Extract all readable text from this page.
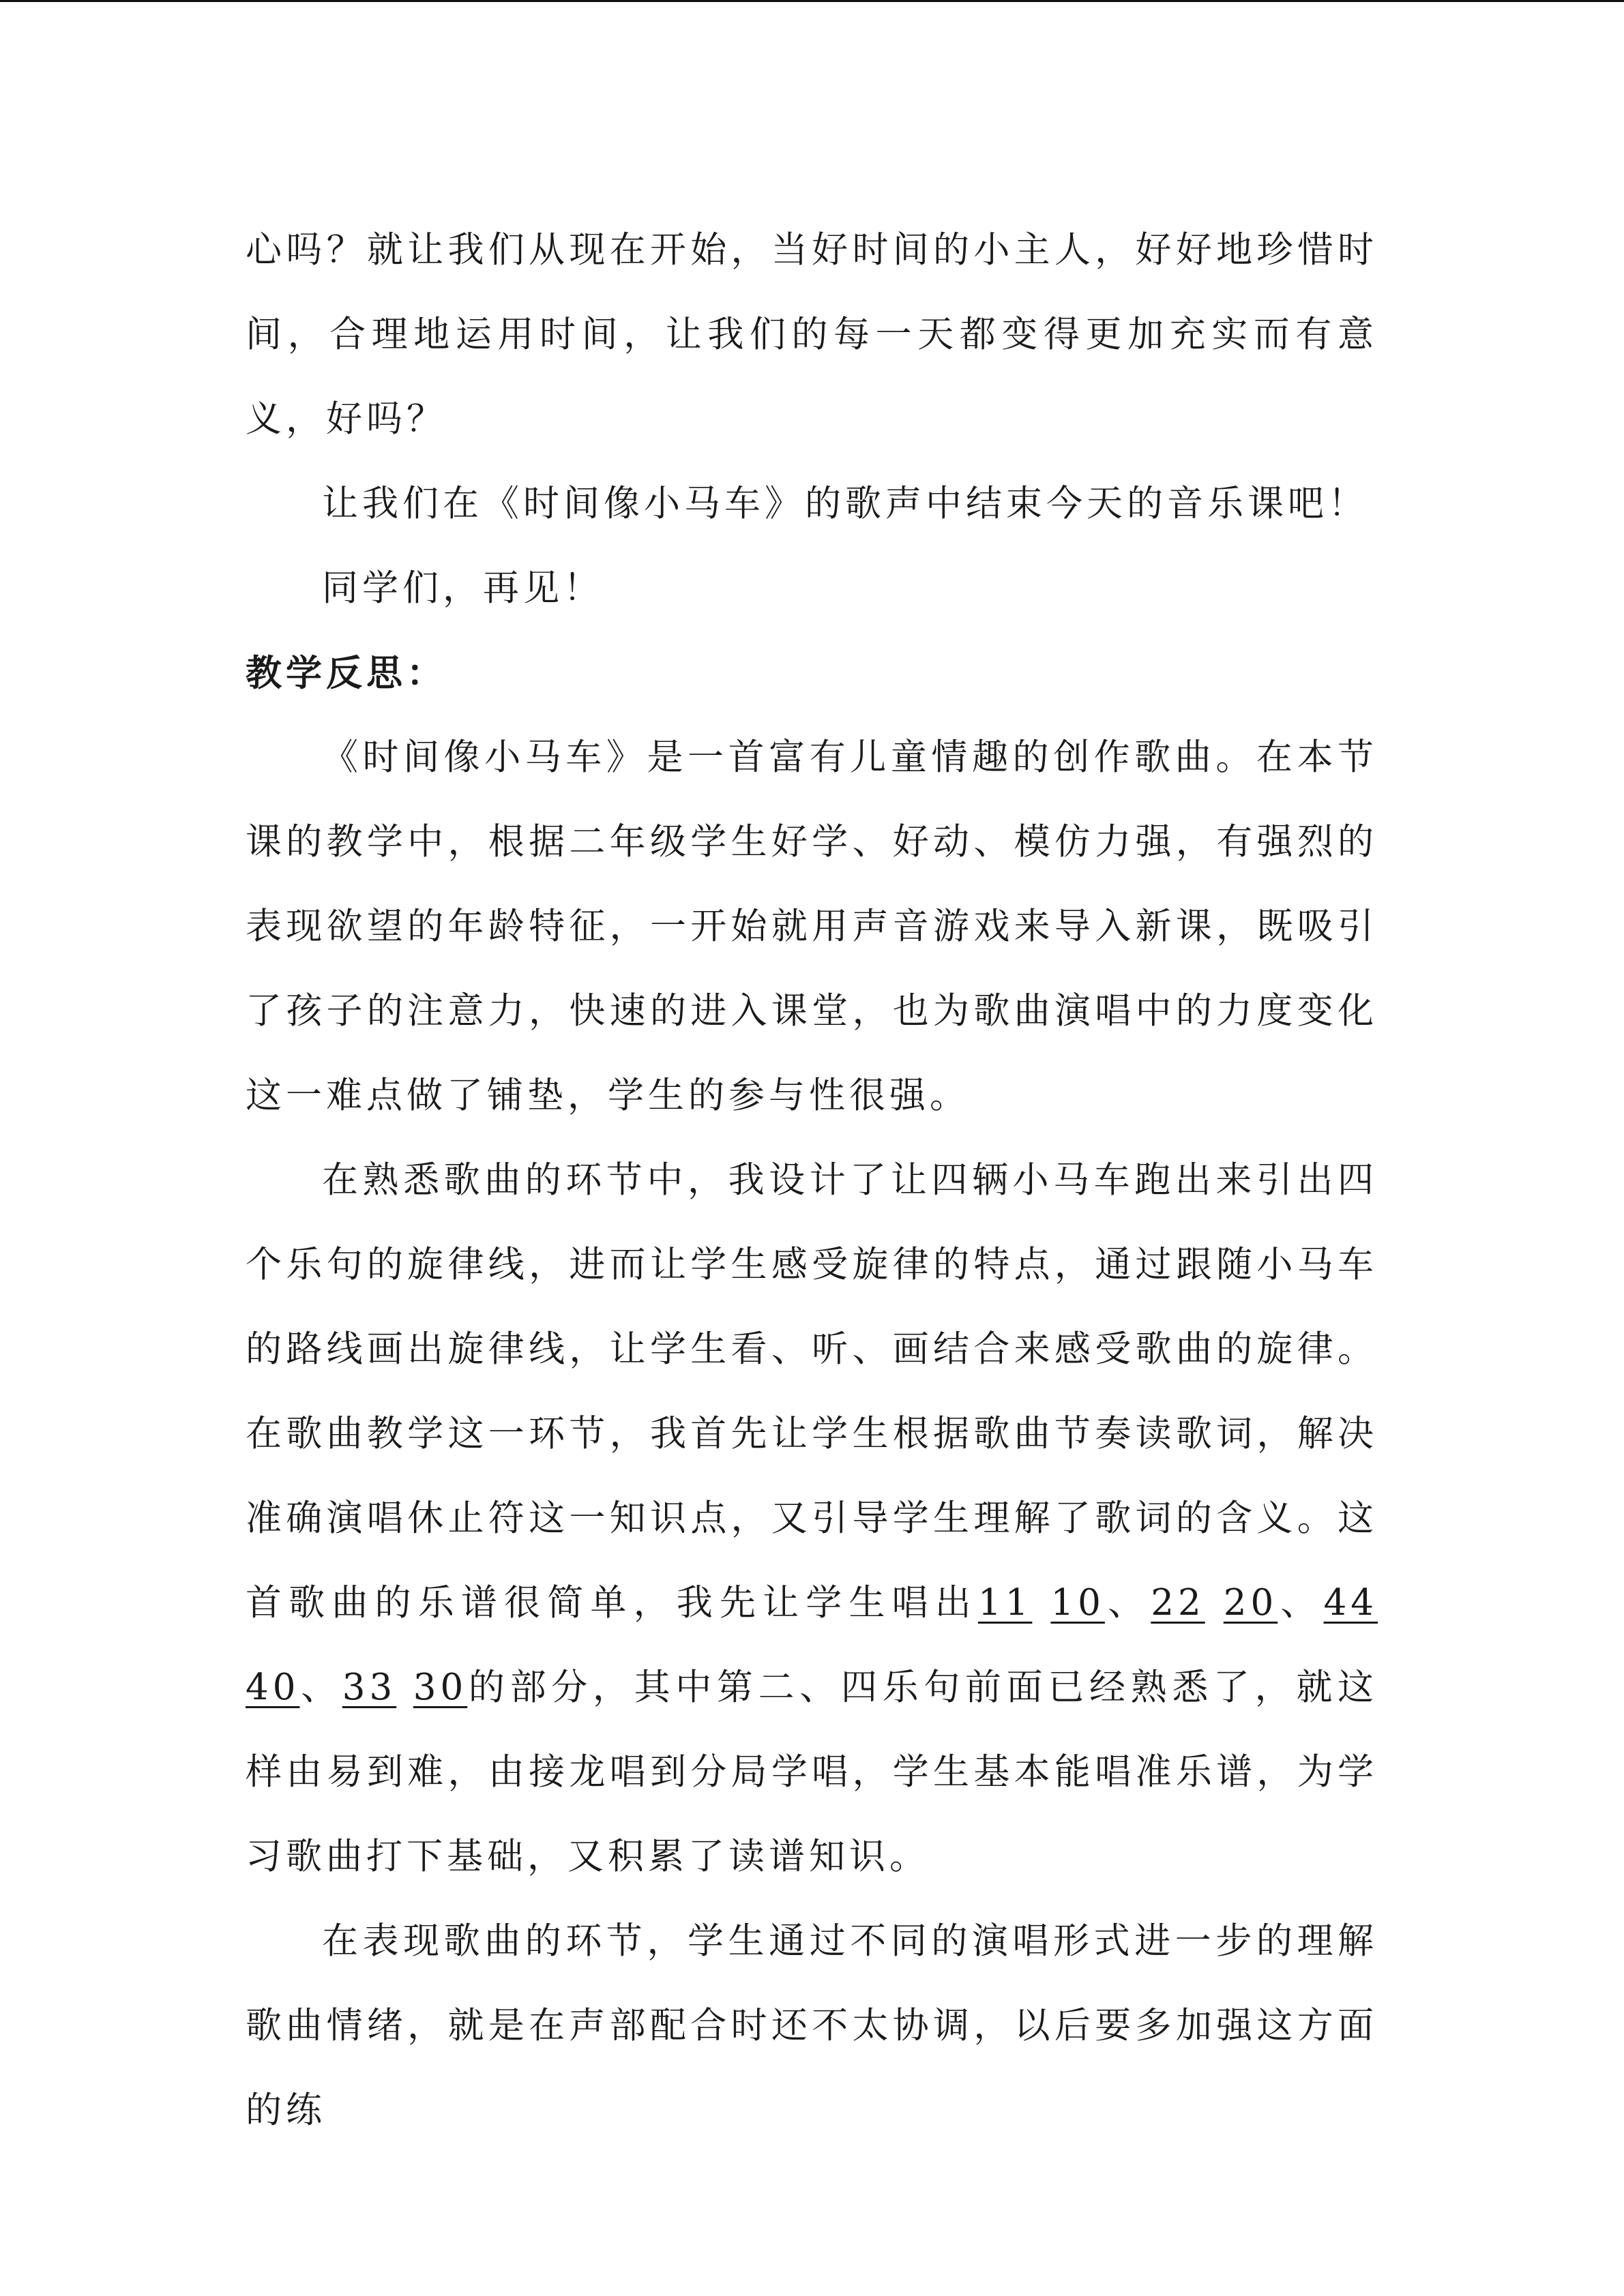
心吗？就让我们从现在开始，当好时间的小主人，好好地珍惜时间，合理地运用时间，让我们的每一天都变得更加充实而有意义，好吗？

让我们在《时间像小马车》的歌声中结束今天的音乐课吧！

同学们，再见！

教学反思：

《时间像小马车》是一首富有儿童情趣的创作歌曲。在本节课的教学中，根据二年级学生好学、好动、模仿力强，有强烈的表现欲望的年龄特征，一开始就用声音游戏来导入新课，既吸引了孩子的注意力，快速的进入课堂，也为歌曲演唱中的力度变化这一难点做了铺垫，学生的参与性很强。

在熟悉歌曲的环节中，我设计了让四辆小马车跑出来引出四个乐句的旋律线，进而让学生感受旋律的特点，通过跟随小马车的路线画出旋律线，让学生看、听、画结合来感受歌曲的旋律。在歌曲教学这一环节，我首先让学生根据歌曲节奏读歌词，解决准确演唱休止符这一知识点，又引导学生理解了歌词的含义。这首歌曲的乐谱很简单，我先让学生唱出11 10、22 20、44 40、33 30的部分，其中第二、四乐句前面已经熟悉了，就这样由易到难，由接龙唱到分局学唱，学生基本能唱准乐谱，为学习歌曲打下基础，又积累了读谱知识。

在表现歌曲的环节，学生通过不同的演唱形式进一步的理解歌曲情绪，就是在声部配合时还不太协调，以后要多加强这方面的练
